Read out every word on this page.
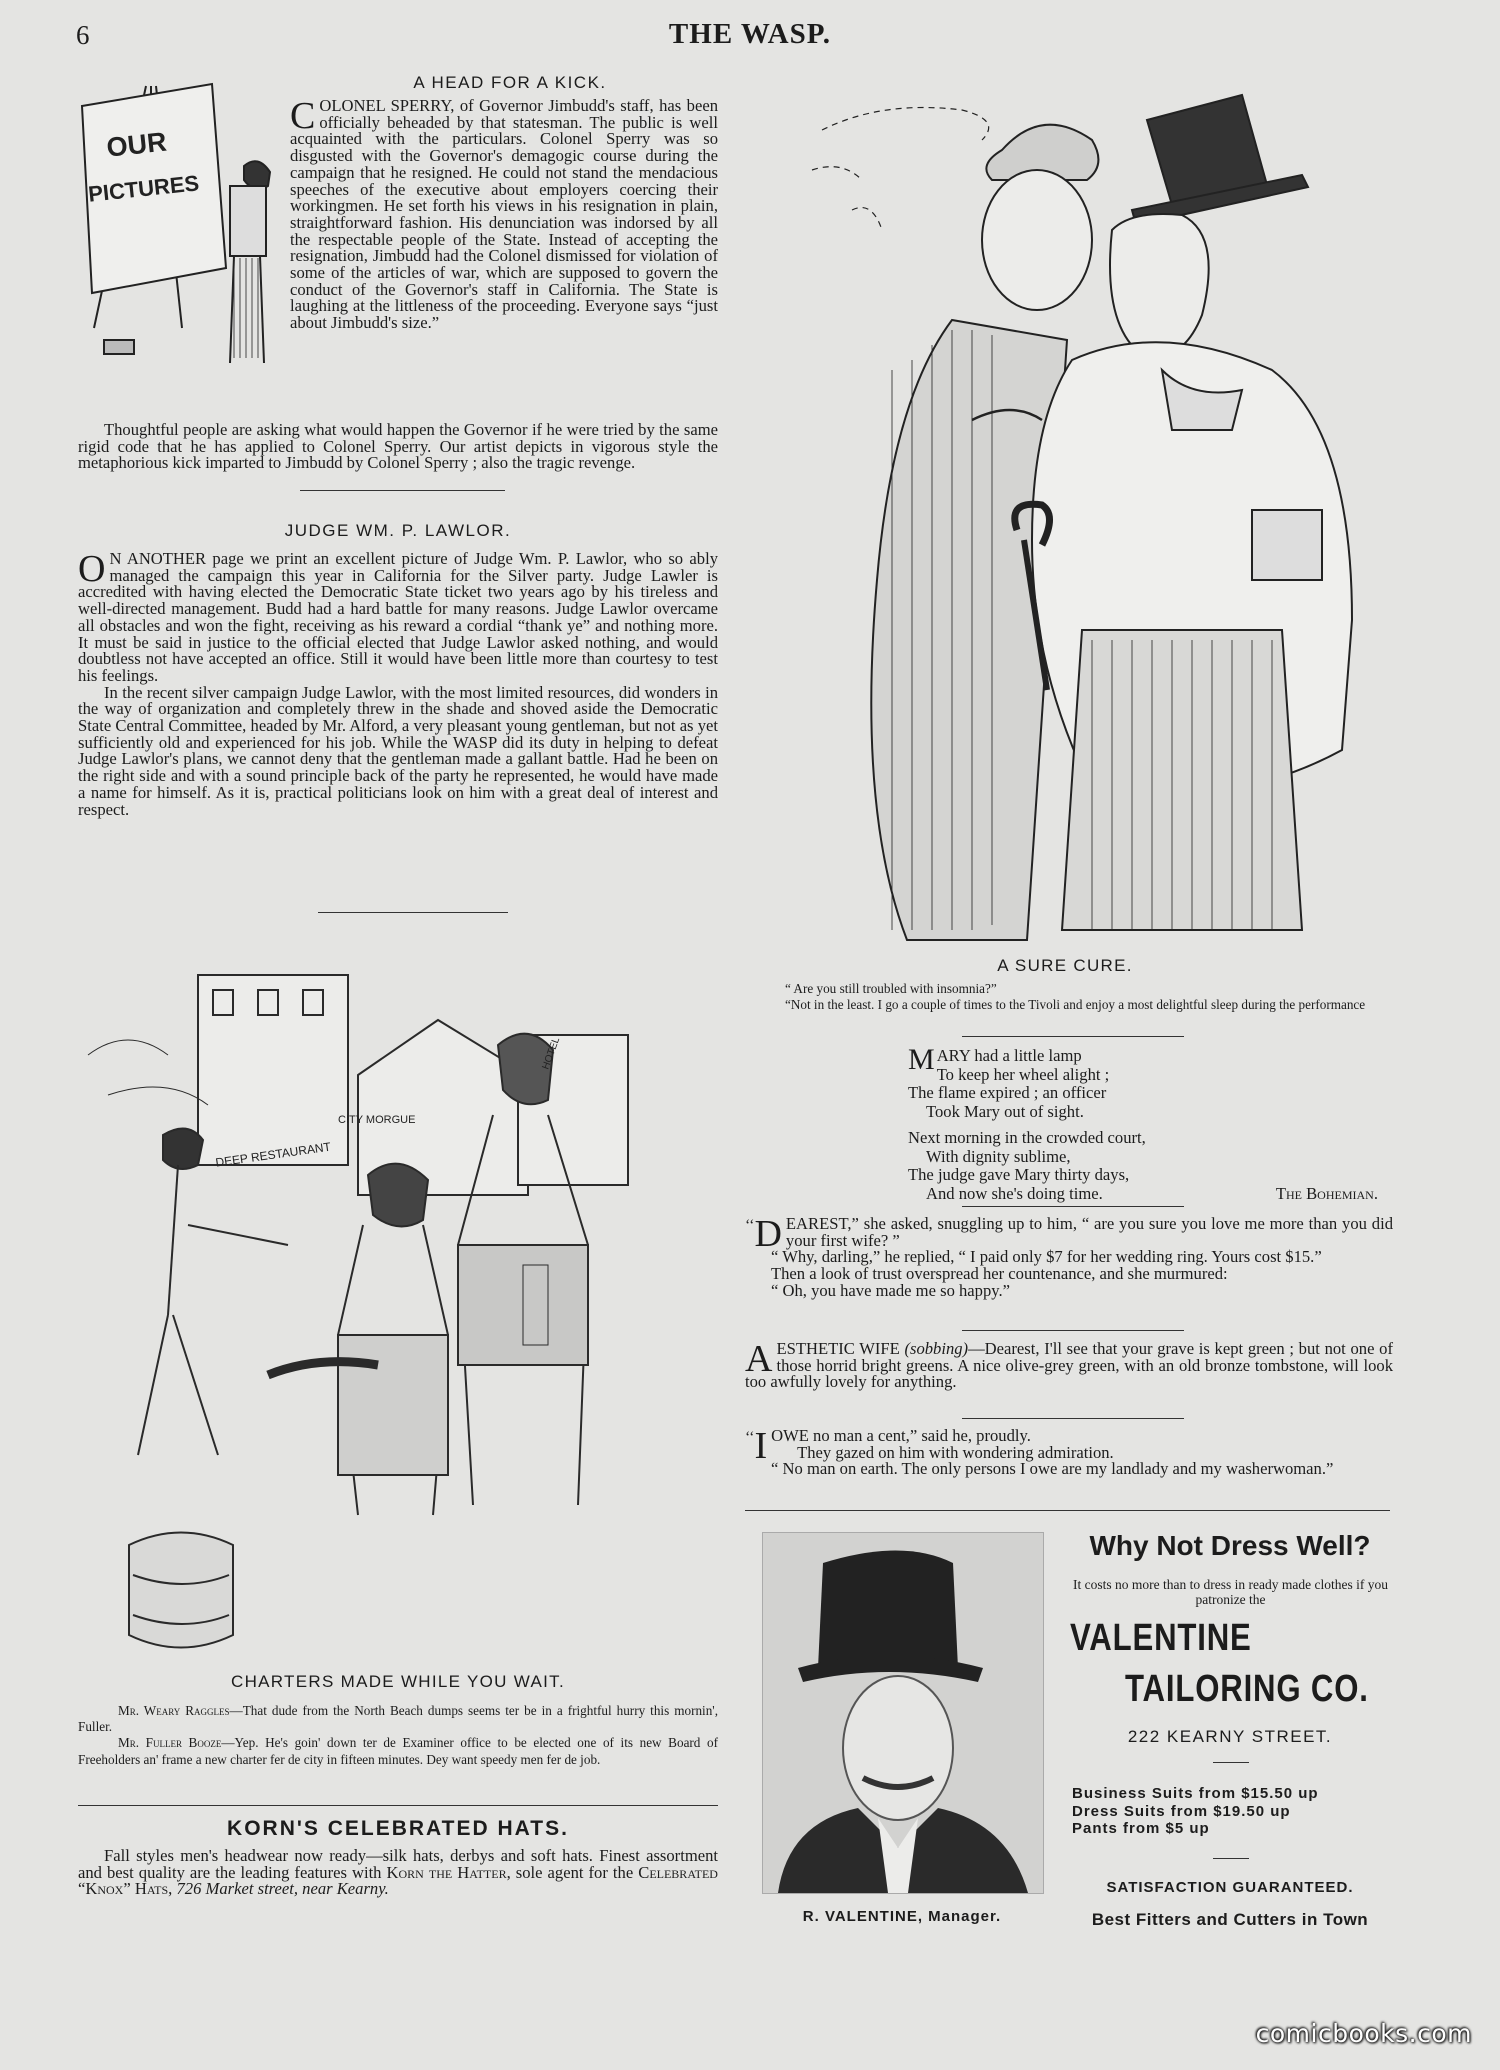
6	THE WASP.
A HEAD FOR A KICK.
OUR
PICTURES
C OLONEL SPERRY, of Governor Jimbudd's staff, has been officially beheaded by that statesman. The public is well acquainted with the particulars. Colonel Sperry was so disgusted with the Governor's demagogic course during the campaign that he resigned. He could not stand the mendacious speeches of the executive about employers coercing their workingmen. He set forth his views in his resignation in plain, straightforward fashion. His denunciation was indorsed by all the respectable people of the State. Instead of accepting the resignation, Jimbudd had the Colonel dismissed for violation of some of the articles of war, which are supposed to govern the conduct of the Governor's staff in California. The State is laughing at the littleness of the proceeding. Everyone says “just about Jimbudd's size.”

Thoughtful people are asking what would happen the Governor if he were tried by the same rigid code that he has applied to Colonel Sperry. Our artist depicts in vigorous style the metaphorious kick imparted to Jimbudd by Colonel Sperry ; also the tragic revenge.

JUDGE WM. P. LAWLOR.
O N ANOTHER page we print an excellent picture of Judge Wm. P. Lawlor, who so ably managed the campaign this year in California for the Silver party. Judge Lawler is accredited with having elected the Democratic State ticket two years ago by his tireless and well-directed management. Budd had a hard battle for many reasons. Judge Lawlor overcame all obstacles and won the fight, receiving as his reward a cordial “thank ye” and nothing more. It must be said in justice to the official elected that Judge Lawlor asked nothing, and would doubtless not have accepted an office. Still it would have been little more than courtesy to test his feelings.

In the recent silver campaign Judge Lawlor, with the most limited resources, did wonders in the way of organization and completely threw in the shade and shoved aside the Democratic State Central Committee, headed by Mr. Alford, a very pleasant young gentleman, but not as yet sufficiently old and experienced for his job. While the WASP did its duty in helping to defeat Judge Lawlor's plans, we cannot deny that the gentleman made a gallant battle. Had he been on the right side and with a sound principle back of the party he represented, he would have made a name for himself. As it is, practical politicians look on him with a great deal of interest and respect.

CITY MORGUE
DEEP RESTAURANT
HOTEL
CHARTERS MADE WHILE YOU WAIT.

Mr. Weary Raggles—That dude from the North Beach dumps seems ter be in a frightful hurry this mornin', Fuller.

Mr. Fuller Booze—Yep. He's goin' down ter de Examiner office to be elected one of its new Board of Freeholders an' frame a new charter fer de city in fifteen minutes. Dey want speedy men fer de job.

KORN'S CELEBRATED HATS.

Fall styles men's headwear now ready—silk hats, derbys and soft hats. Finest assortment and best quality are the leading features with Korn the Hatter, sole agent for the Celebrated “Knox” Hats, 726 Market street, near Kearny.

A SURE CURE.

“ Are you still troubled with insomnia?”

“Not in the least. I go a couple of times to the Tivoli and enjoy a most delightful sleep during the performance

M ARY had a little lamp
To keep her wheel alight ;
The flame expired ; an officer
Took Mary out of sight.
Next morning in the crowded court,
With dignity sublime,
The judge gave Mary thirty days,
And now she's doing time.	The Bohemian.
‘‘ D EAREST,” she asked, snuggling up to him, “ are you sure you love me more than you did your first wife? ”

“ Why, darling,” he replied, “ I paid only $7 for her wedding ring. Yours cost $15.”

Then a look of trust overspread her countenance, and she murmured:

“ Oh, you have made me so happy.”

A ESTHETIC WIFE (sobbing)—Dearest, I'll see that your grave is kept green ; but not one of those horrid bright greens. A nice olive-grey green, with an old bronze tombstone, will look too awfully lovely for anything.

‘‘ I OWE no man a cent,” said he, proudly.

They gazed on him with wondering admiration.

“ No man on earth. The only persons I owe are my landlady and my washerwoman.”

R. VALENTINE, Manager.
Why Not Dress Well?
It costs no more than to dress in ready made clothes if you patronize the
VALENTINE
TAILORING CO.
222 KEARNY STREET.
Business Suits from $15.50 up
Dress Suits from $19.50 up
Pants from $5 up
SATISFACTION GUARANTEED.
Best Fitters and Cutters in Town
comicbooks.com
